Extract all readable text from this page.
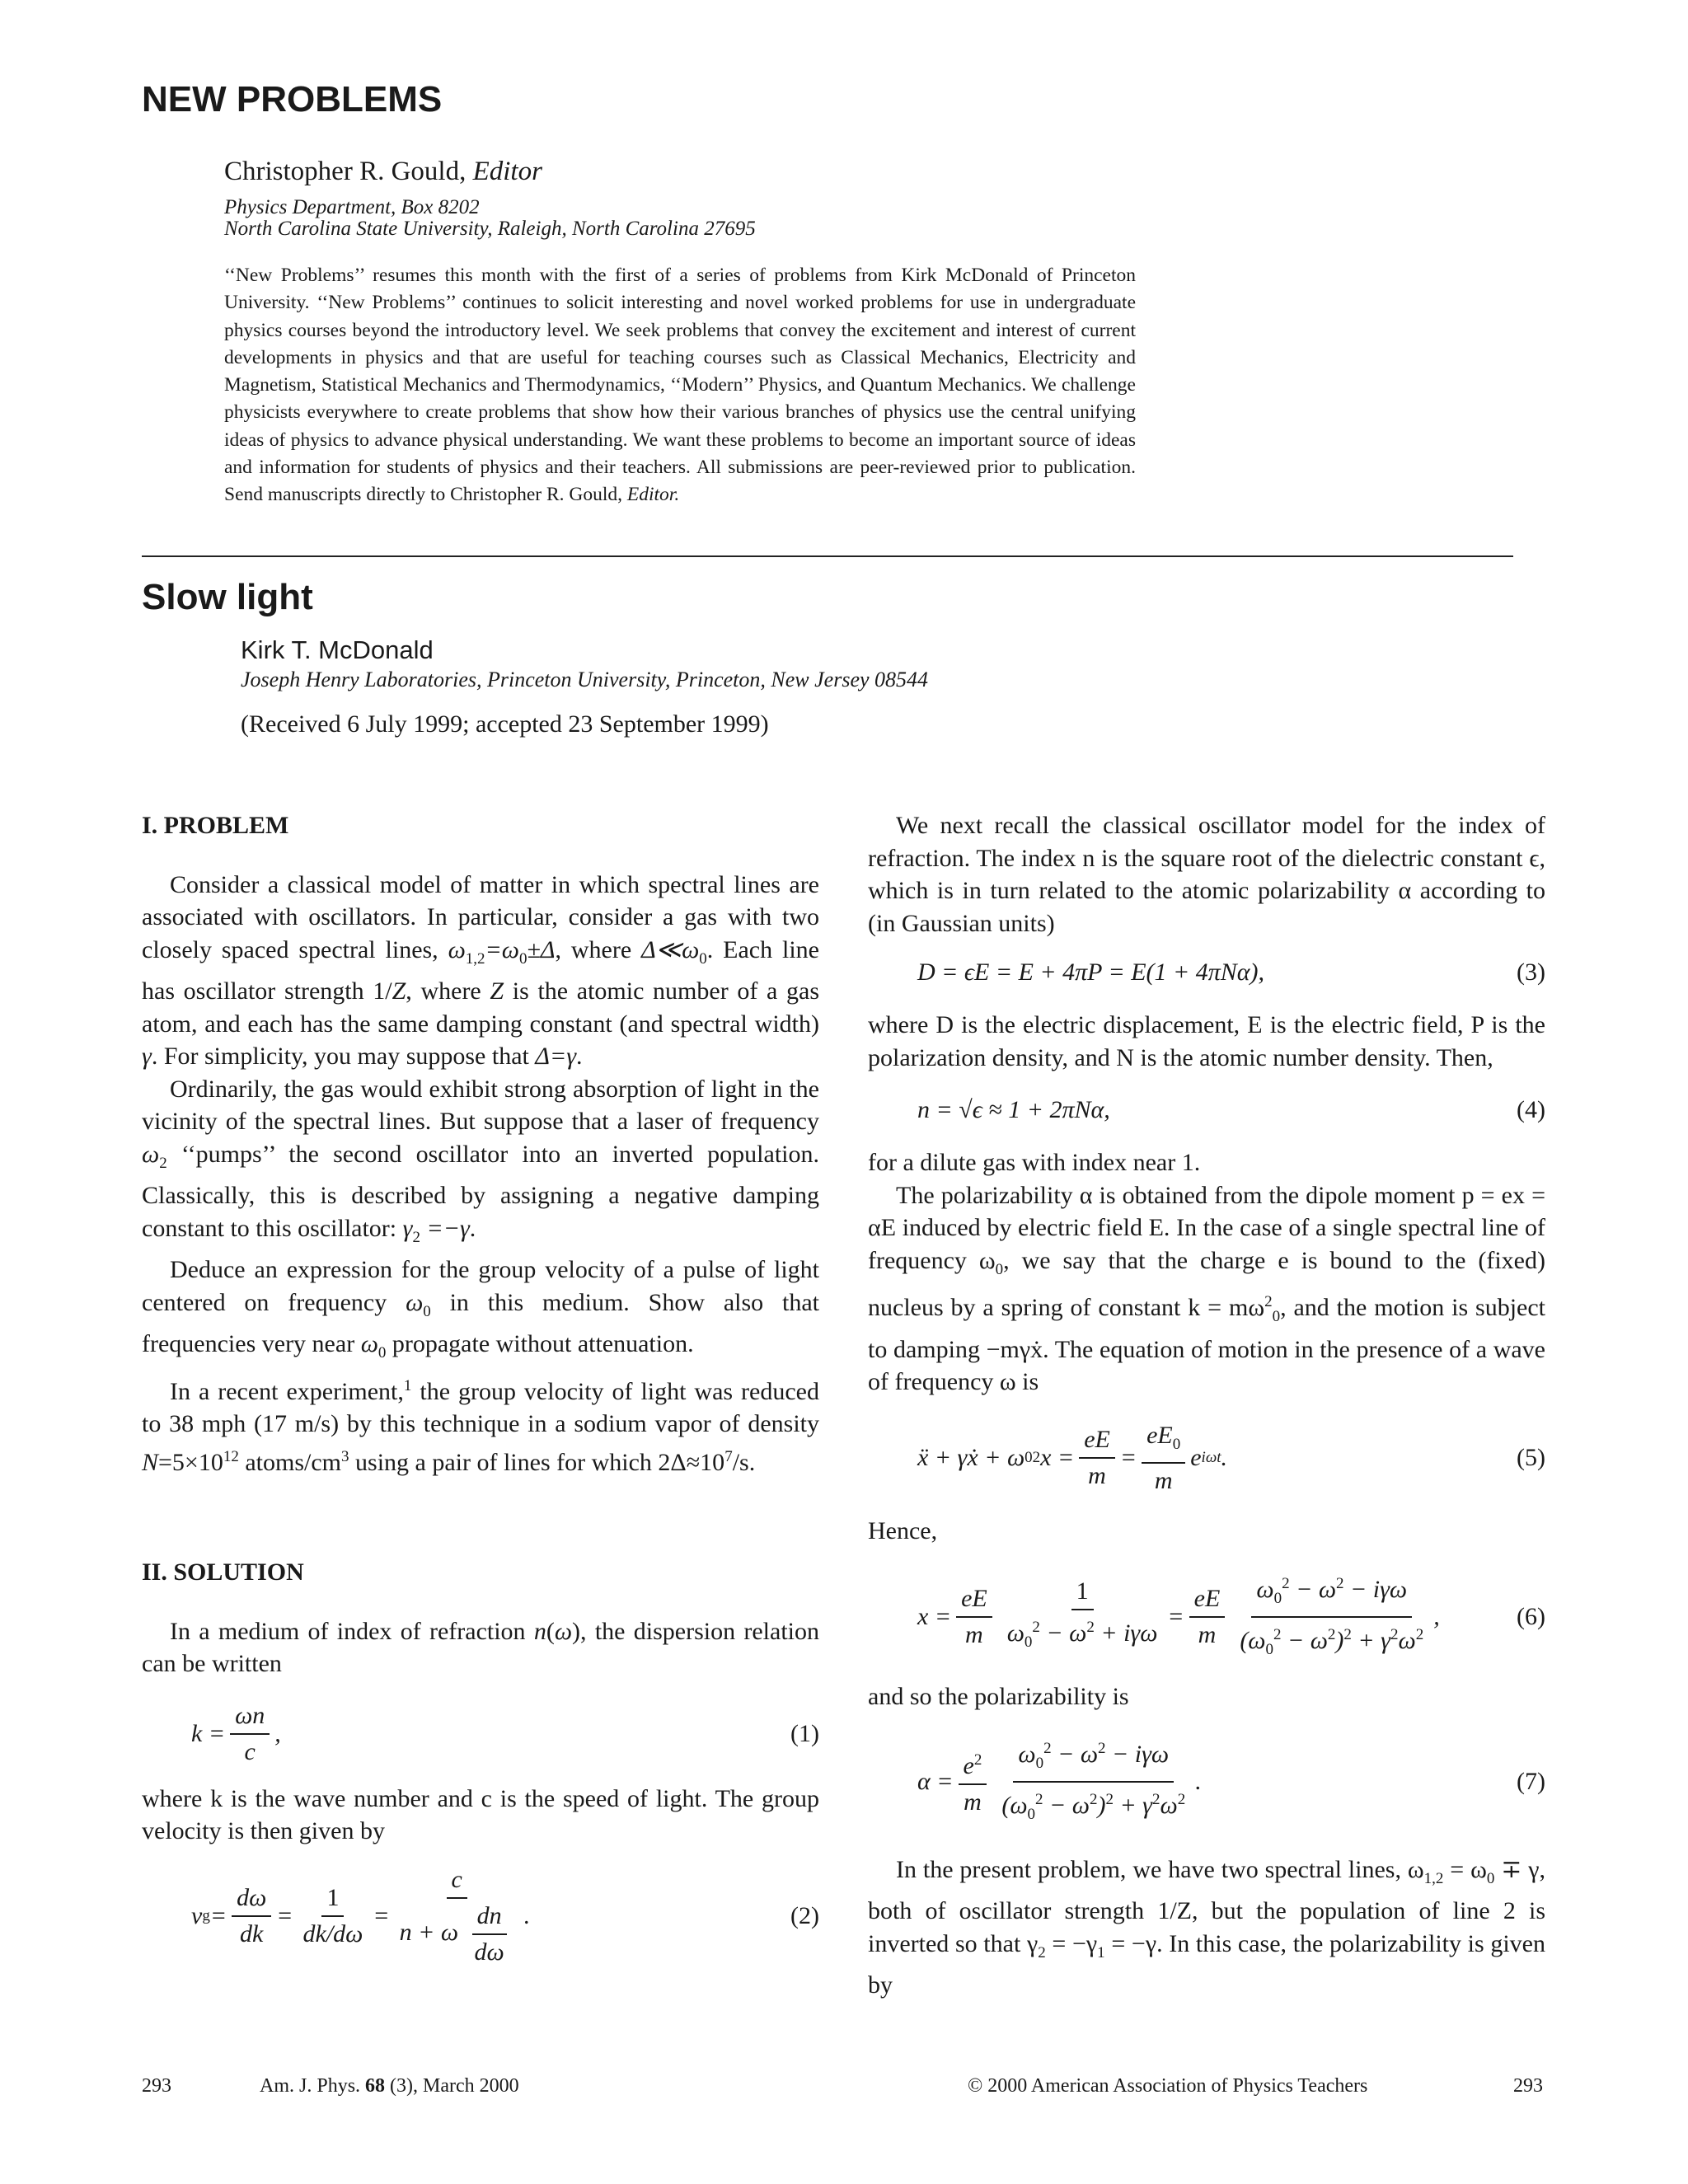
NEW PROBLEMS
Christopher R. Gould, Editor
Physics Department, Box 8202
North Carolina State University, Raleigh, North Carolina 27695
‘‘New Problems’’ resumes this month with the first of a series of problems from Kirk McDonald of Princeton University. ‘‘New Problems’’ continues to solicit interesting and novel worked problems for use in undergraduate physics courses beyond the introductory level. We seek problems that convey the excitement and interest of current developments in physics and that are useful for teaching courses such as Classical Mechanics, Electricity and Magnetism, Statistical Mechanics and Thermodynamics, ‘‘Modern’’ Physics, and Quantum Mechanics. We challenge physicists everywhere to create problems that show how their various branches of physics use the central unifying ideas of physics to advance physical understanding. We want these problems to become an important source of ideas and information for students of physics and their teachers. All submissions are peer-reviewed prior to publication. Send manuscripts directly to Christopher R. Gould, Editor.
Slow light
Kirk T. McDonald
Joseph Henry Laboratories, Princeton University, Princeton, New Jersey 08544
(Received 6 July 1999; accepted 23 September 1999)
I. PROBLEM

Consider a classical model of matter in which spectral lines are associated with oscillators. In particular, consider a gas with two closely spaced spectral lines, $\omega_{1,2}=\omega_0\pm\Delta$, where $\Delta≪\omega_0$. Each line has oscillator strength 1/Z, where Z is the atomic number of a gas atom, and each has the same damping constant (and spectral width) γ. For simplicity, you may suppose that Δ=γ.

Ordinarily, the gas would exhibit strong absorption of light in the vicinity of the spectral lines. But suppose that a laser of frequency $\omega_2$ ‘‘pumps’’ the second oscillator into an inverted population. Classically, this is described by assigning a negative damping constant to this oscillator: $\gamma_2 =-\gamma$.

Deduce an expression for the group velocity of a pulse of light centered on frequency $\omega_0$ in this medium. Show also that frequencies very near $\omega_0$ propagate without attenuation.

In a recent experiment,$^1$ the group velocity of light was reduced to 38 mph (17 m/s) by this technique in a sodium vapor of density $N=5\times 10^{12}$ atoms/$cm^3$ using a pair of lines for which $2\Delta\approx 10^7/s$.

II. SOLUTION

In a medium of index of refraction n(ω), the dispersion relation can be written

$k = \frac{\omega n}{c}$ ,	(1)

where k is the wave number and c is the speed of light. The group velocity is then given by

v $g = \frac{d\omega}{dk} = \frac{1}{dk/d\omega} = \frac{c}{n + \omega \frac{dn}{d\omega}}$ .	(2)

We next recall the classical oscillator model for the index of refraction. The index n is the square root of the dielectric constant ϵ, which is in turn related to the atomic polarizability α according to (in Gaussian units)

D = ϵE = E + 4πP = E(1 + 4πNα),	(3)

where D is the electric displacement, E is the electric field, P is the polarization density, and N is the atomic number density. Then,

n = √ϵ ≈ 1 + 2πNα,	(4)

for a dilute gas with index near 1.

The polarizability α is obtained from the dipole moment p = ex = αE induced by electric field E. In the case of a single spectral line of frequency $\omega_0$, we say that the charge e is bound to the (fixed) nucleus by a spring of constant $k = m\omega^2_0$, and the motion is subject to damping −mγẋ. The equation of motion in the presence of a wave of frequency ω is

ẍ + γẋ + ω 0 2 $x = \frac{eE}{m} = \frac{eE_0}{m}$ e iωt .	(5)

Hence,

$x = \frac{eE}{m} \frac{1}{\omega_0^2 - \omega^2 + i\gamma\omega} = \frac{eE}{m} \frac{\omega_0^2 - \omega^2 - i\gamma\omega}{(\omega_0^2 - \omega^2)^2 + \gamma^2\omega^2}$ ,	(6)

and so the polarizability is

$\alpha = \frac{e^2}{m} \frac{\omega_0^2 - \omega^2 - i\gamma\omega}{(\omega_0^2 - \omega^2)^2 + \gamma^2\omega^2}$ .	(7)

In the present problem, we have two spectral lines, $\omega_{1,2} = \omega_0 \mp \gamma$, both of oscillator strength 1/Z, but the population of line 2 is inverted so that $\gamma_2 = -\gamma_1 = -\gamma$. In this case, the polarizability is given by

293	Am. J. Phys. 68 (3), March 2000	© 2000 American Association of Physics Teachers	293
